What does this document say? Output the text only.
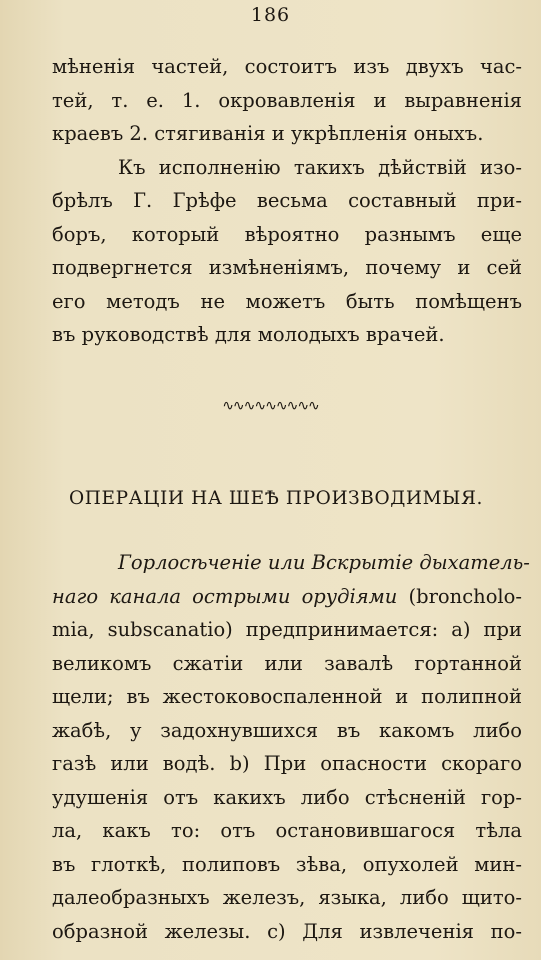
186
мѣненія частей, состоитъ изъ двухъ час-
тей, т. е. 1. окровавленія и выравненія
краевъ 2. стягиванія и укрѣпленія оныхъ.
Къ исполненію такихъ дѣйствій изо-
брѣлъ Г. Грѣфе весьма составный при-
боръ, который вѣроятно разнымъ еще
подвергнется измѣненіямъ, почему и сей
его методъ не можетъ быть помѣщенъ
въ руководствѣ для молодыхъ врачей.
∿∿∿∿∿∿∿∿∿
ОПЕРАЦІИ НА ШЕѢ ПРОИЗВОДИМЫЯ.
Горлосѣченіе или Вскрытіе дыхатель-
наго канала острыми орудіями (broncholo-
mia, subscanatio) предпринимается: а) при
великомъ сжатіи или завалѣ гортанной
щели; въ жестоковоспаленной и полипной
жабѣ, у задохнувшихся въ какомъ либо
газѣ или водѣ. b) При опасности скораго
удушенія отъ какихъ либо стѣсненій гор-
ла, какъ то: отъ остановившагося тѣла
въ глоткѣ, полиповъ зѣва, опухолей мин-
далеобразныхъ железъ, языка, либо щито-
образной железы. с) Для извлеченія по-
